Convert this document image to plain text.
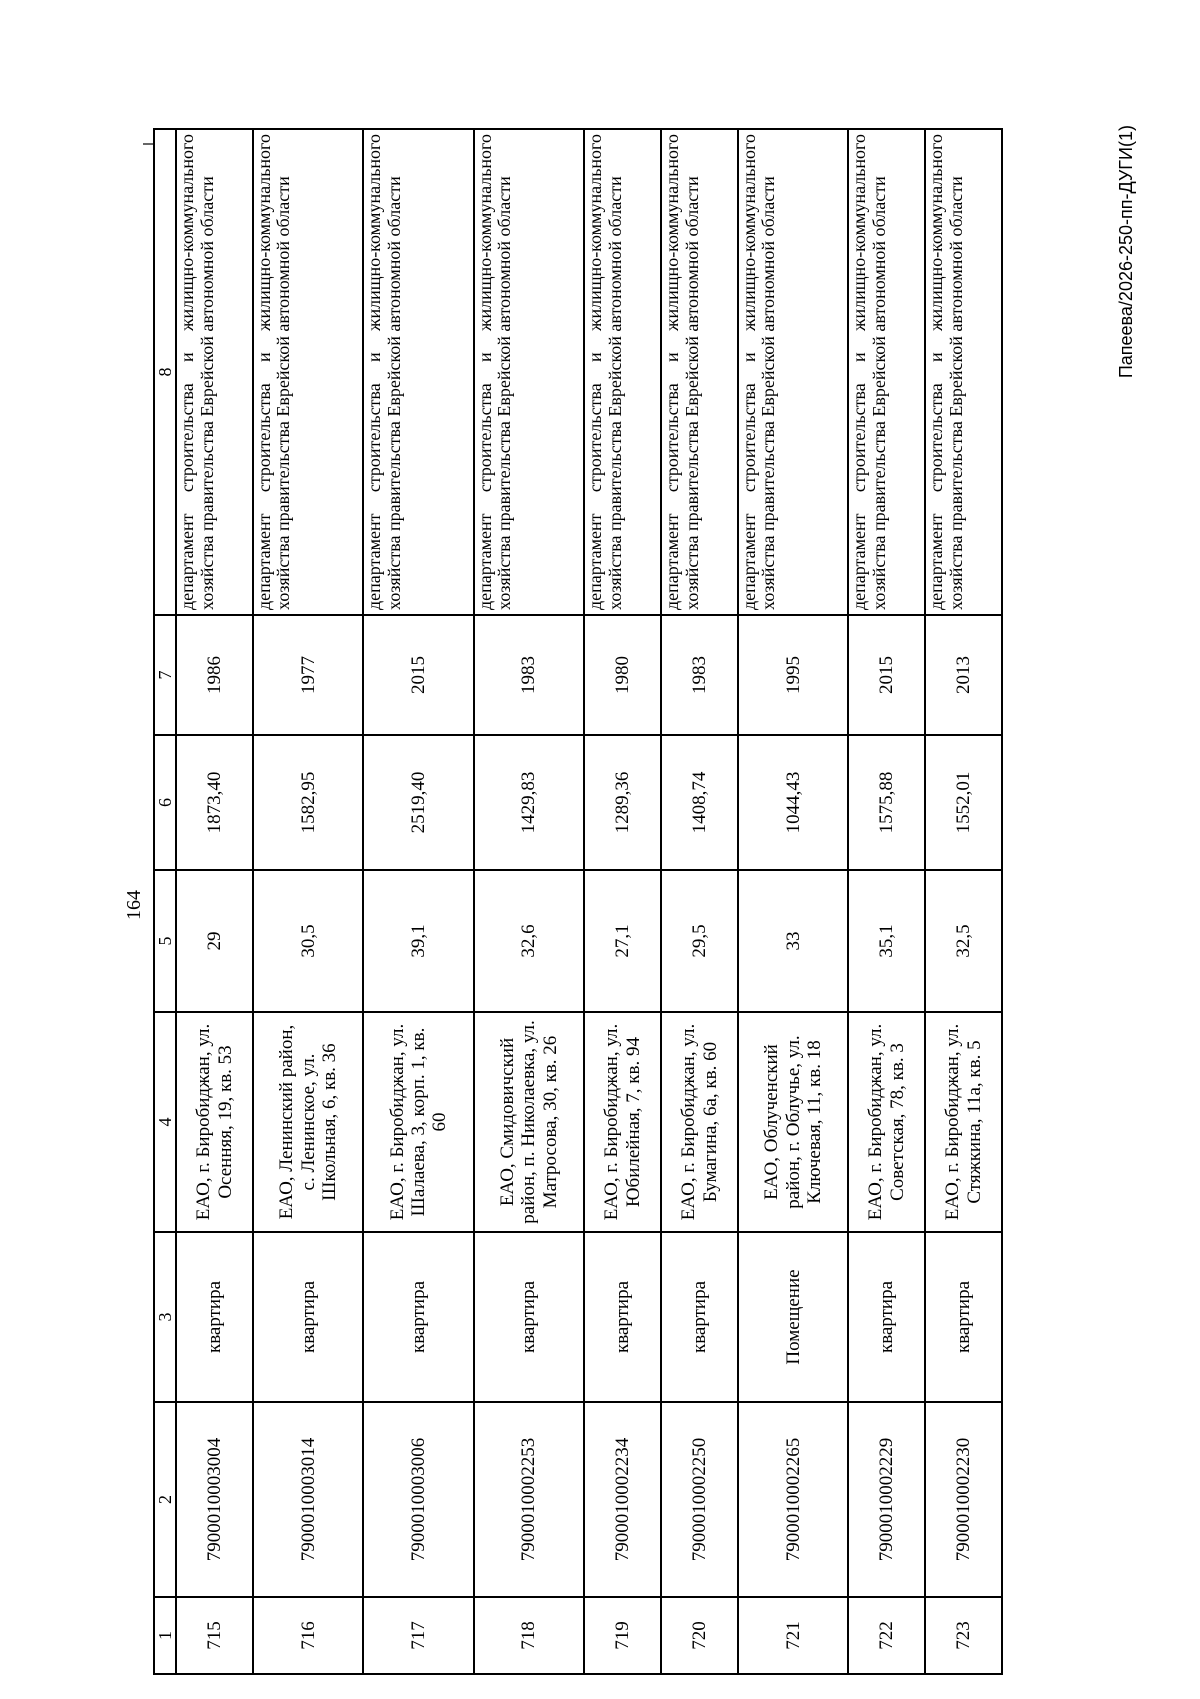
164
1	2	3	4	5	6	7	8
715	7900010003004	квартира	ЕАО, г. Биробиджан, ул. Осенняя, 19, кв. 53	29	1873,40	1986	департамент строительства и жилищно-коммунального хозяйства правительства Еврейской автономной области
716	7900010003014	квартира	ЕАО, Ленинский район, с. Ленинское, ул. Школьная, 6, кв. 36	30,5	1582,95	1977	департамент строительства и жилищно-коммунального хозяйства правительства Еврейской автономной области
717	7900010003006	квартира	ЕАО, г. Биробиджан, ул. Шалаева, 3, корп. 1, кв. 60	39,1	2519,40	2015	департамент строительства и жилищно-коммунального хозяйства правительства Еврейской автономной области
718	7900010002253	квартира	ЕАО, Смидовичский район, п. Николаевка, ул. Матросова, 30, кв. 26	32,6	1429,83	1983	департамент строительства и жилищно-коммунального хозяйства правительства Еврейской автономной области
719	7900010002234	квартира	ЕАО, г. Биробиджан, ул. Юбилейная, 7, кв. 94	27,1	1289,36	1980	департамент строительства и жилищно-коммунального хозяйства правительства Еврейской автономной области
720	7900010002250	квартира	ЕАО, г. Биробиджан, ул. Бумагина, 6а, кв. 60	29,5	1408,74	1983	департамент строительства и жилищно-коммунального хозяйства правительства Еврейской автономной области
721	7900010002265	Помещение	ЕАО, Облученский район, г. Облучье, ул. Ключевая, 11, кв. 18	33	1044,43	1995	департамент строительства и жилищно-коммунального хозяйства правительства Еврейской автономной области
722	7900010002229	квартира	ЕАО, г. Биробиджан, ул. Советская, 78, кв. 3	35,1	1575,88	2015	департамент строительства и жилищно-коммунального хозяйства правительства Еврейской автономной области
723	7900010002230	квартира	ЕАО, г. Биробиджан, ул. Стяжкина, 11а, кв. 5	32,5	1552,01	2013	департамент строительства и жилищно-коммунального хозяйства правительства Еврейской автономной области	Папеева/2026-250-пп-ДУГИ(1)
